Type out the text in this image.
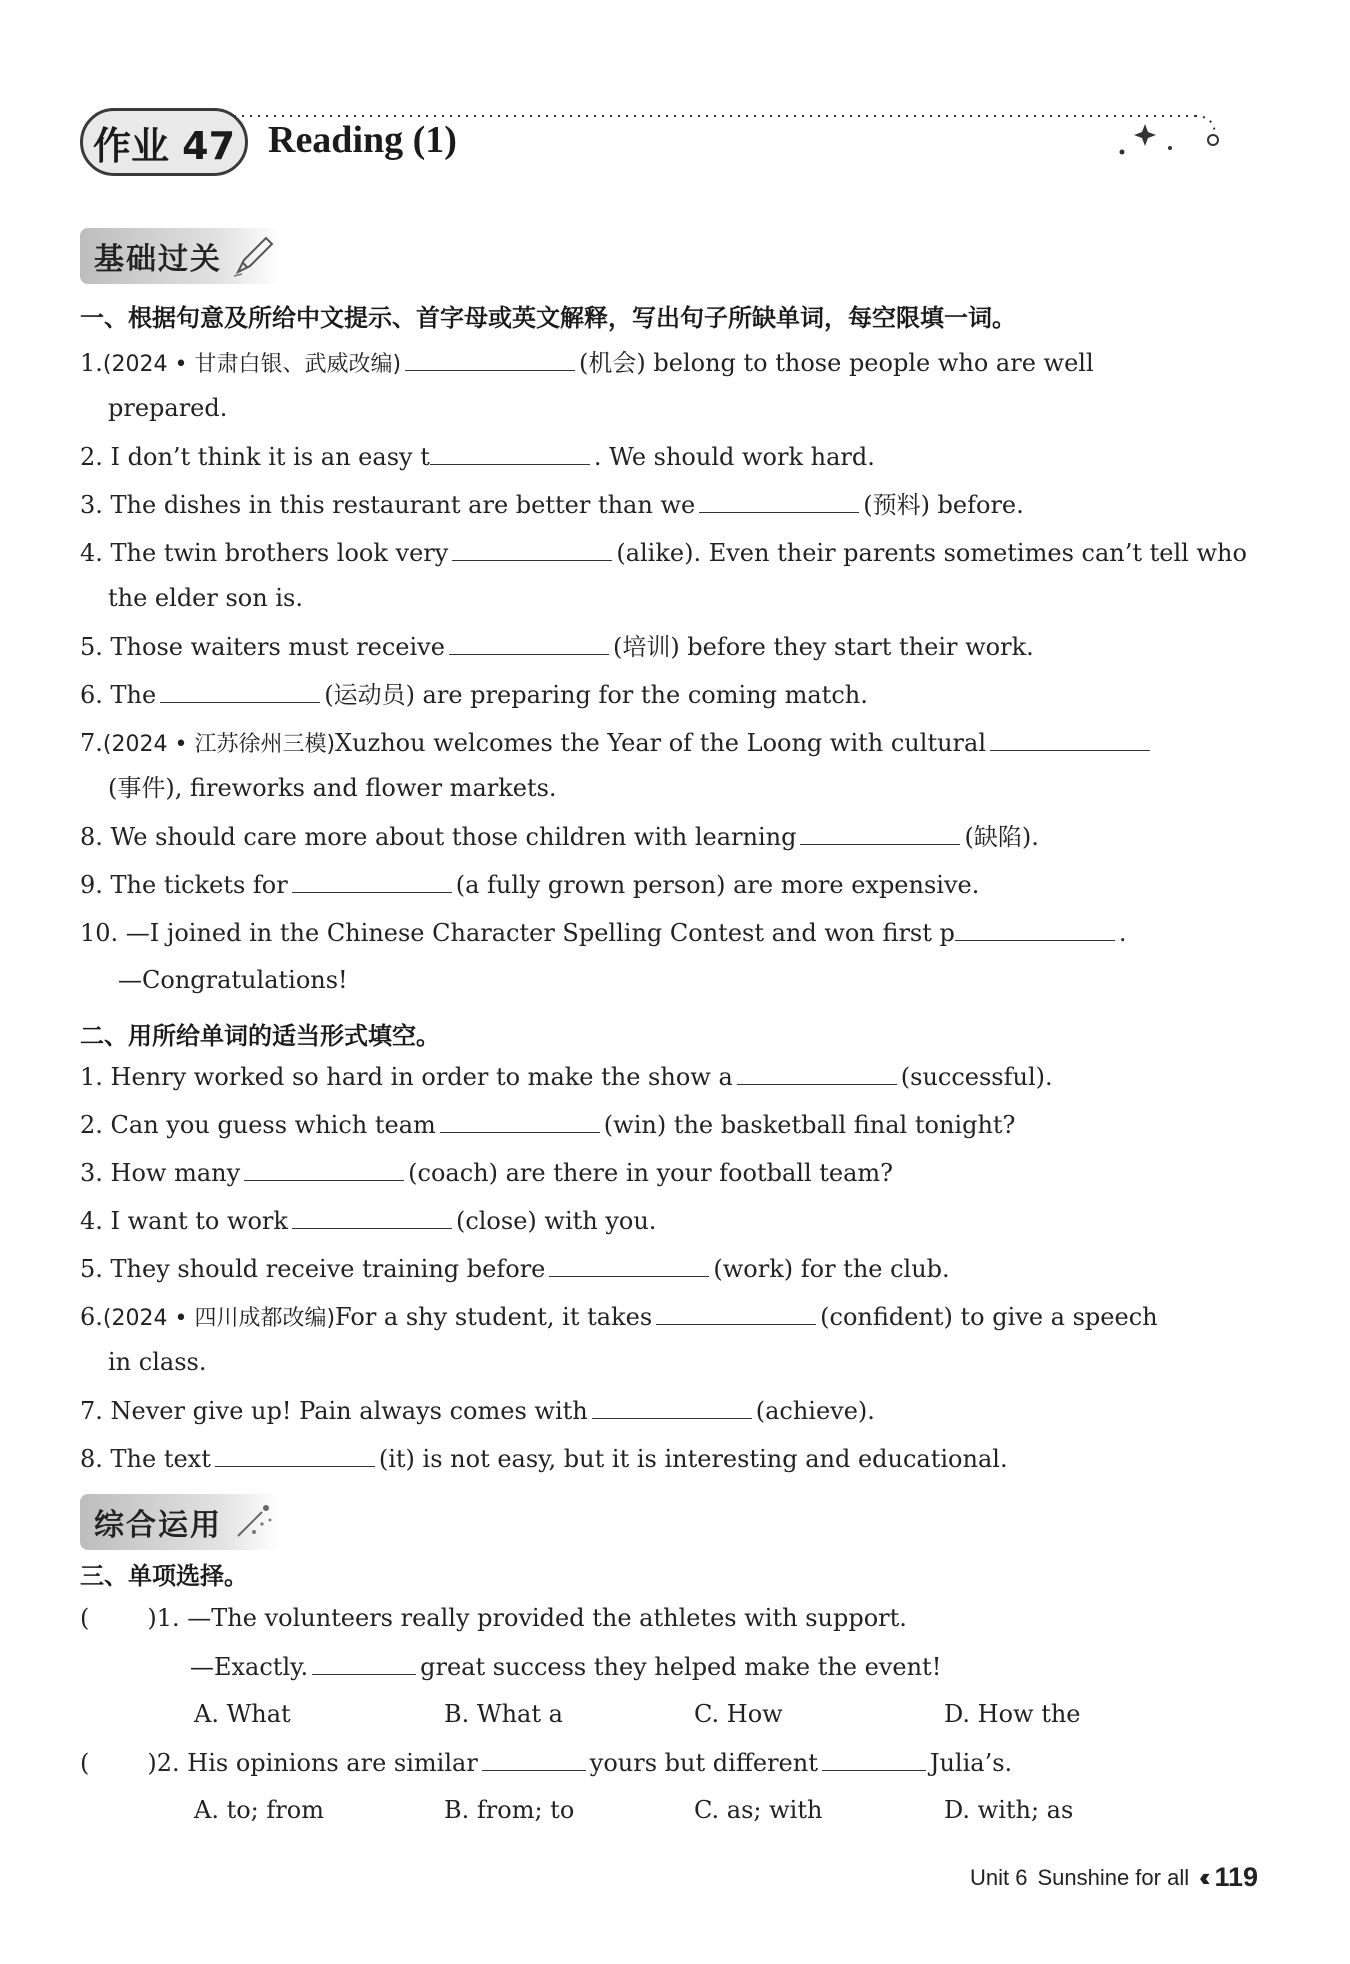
作业 47 Reading (1)
基础过关
一、根据句意及所给中文提示、首字母或英文解释，写出句子所缺单词，每空限填一词。
1.(2024 • 甘肃白银、武威改编)	(机会) belong to those people who are well
prepared.
2. I don’t think it is an easy t	. We should work hard.
3. The dishes in this restaurant are better than we	(预料) before.
4. The twin brothers look very	(alike). Even their parents sometimes can’t tell who
the elder son is.
5. Those waiters must receive	(培训) before they start their work.
6. The	(运动员) are preparing for the coming match.
7.(2024 • 江苏徐州三模)Xuzhou welcomes the Year of the Loong with cultural
(事件), fireworks and flower markets.
8. We should care more about those children with learning	(缺陷).
9. The tickets for	(a fully grown person) are more expensive.
10. —I joined in the Chinese Character Spelling Contest and won first p	.
—Congratulations!
二、用所给单词的适当形式填空。
1. Henry worked so hard in order to make the show a	(successful).
2. Can you guess which team	(win) the basketball final tonight?
3. How many	(coach) are there in your football team?
4. I want to work	(close) with you.
5. They should receive training before	(work) for the club.
6.(2024 • 四川成都改编)For a shy student, it takes	(confident) to give a speech
in class.
7. Never give up! Pain always comes with	(achieve).
8. The text	(it) is not easy, but it is interesting and educational.
综合运用
三、单项选择。
( )1. —The volunteers really provided the athletes with support.
—Exactly.	great success they helped make the event!
A. What	B. What a	C. How	D. How the
( )2. His opinions are similar	yours but different	Julia’s.
A. to; from	B. from; to	C. as; with	D. with; as
Unit 6 Sunshine for all ‹‹ 119
